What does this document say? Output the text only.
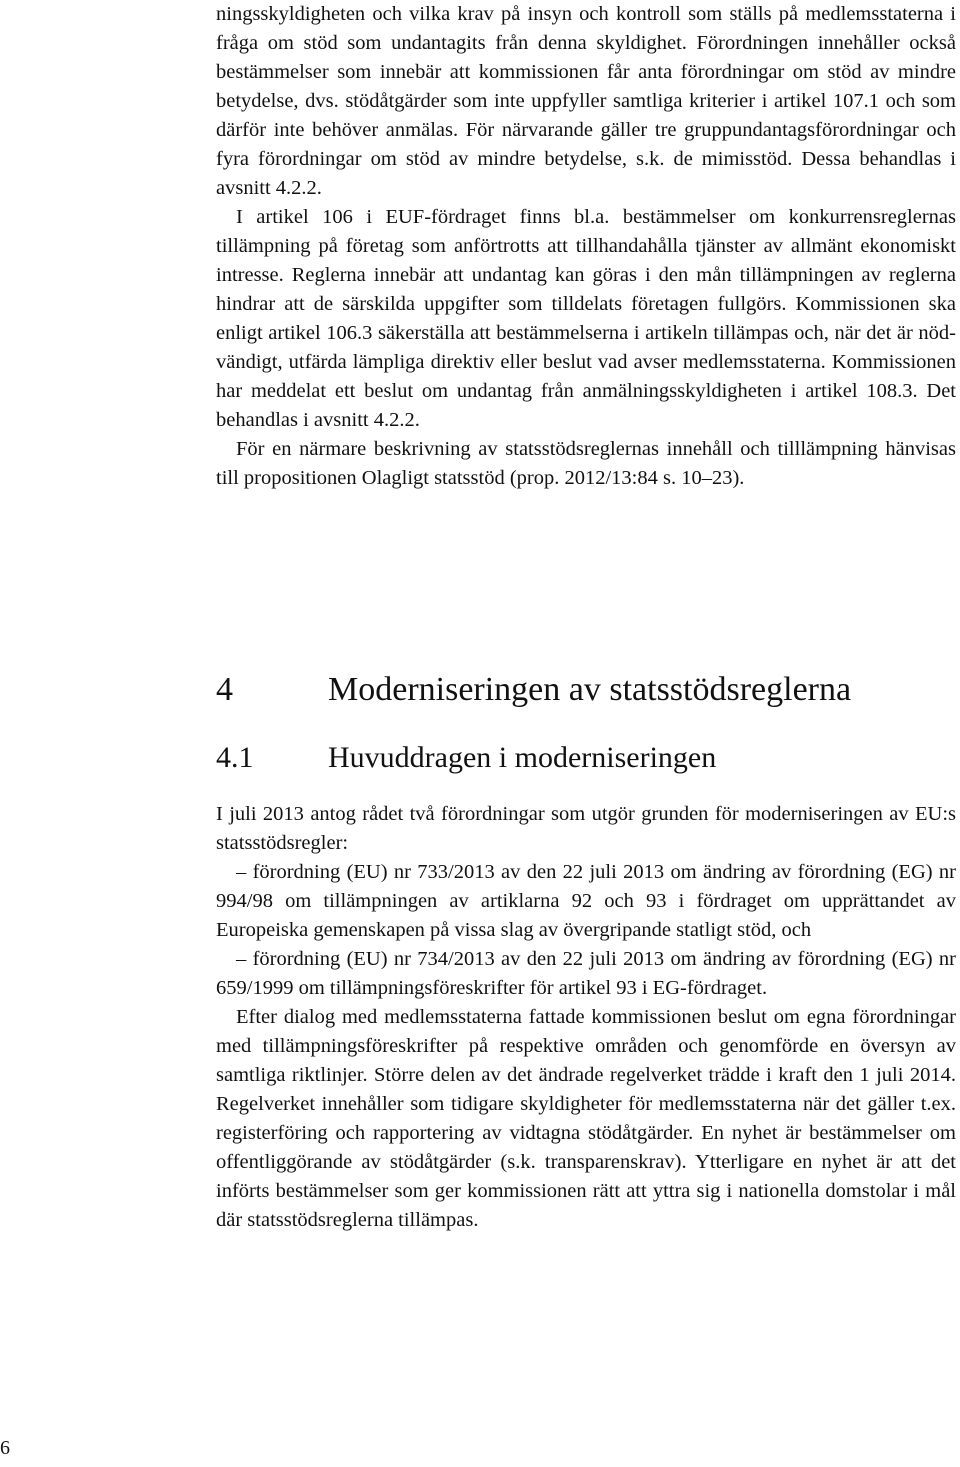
ningsskyldigheten och vilka krav på insyn och kontroll som ställs på medlemsstaterna i fråga om stöd som undantagits från denna skyldighet. Förordningen innehåller också bestämmelser som innebär att kommissionen får anta förordningar om stöd av mindre betydelse, dvs. stödåtgärder som inte uppfyller samtliga kriterier i artikel 107.1 och som därför inte behöver anmälas. För närvarande gäller tre gruppundantagsförordningar och fyra förordningar om stöd av mindre betydelse, s.k. de mimisstöd. Dessa behandlas i avsnitt 4.2.2.

I artikel 106 i EUF-fördraget finns bl.a. bestämmelser om konkurrensreglernas tillämpning på företag som anförtrotts att tillhandahålla tjänster av allmänt ekonomiskt intresse. Reglerna innebär att undantag kan göras i den mån tillämpningen av reglerna hindrar att de särskilda uppgifter som tilldelats företagen fullgörs. Kommissionen ska enligt artikel 106.3 säkerställa att bestämmelserna i artikeln tillämpas och, när det är nödvändigt, utfärda lämpliga direktiv eller beslut vad avser medlemsstaterna. Kommissionen har meddelat ett beslut om undantag från anmälningsskyldigheten i artikel 108.3. Det behandlas i avsnitt 4.2.2.

För en närmare beskrivning av statsstödsreglernas innehåll och tilllämpning hänvisas till propositionen Olagligt statsstöd (prop. 2012/13:84 s. 10–23).

4	Moderniseringen av statsstödsreglerna
4.1 Huvuddragen i moderniseringen

I juli 2013 antog rådet två förordningar som utgör grunden för moderniseringen av EU:s statsstödsregler:

– förordning (EU) nr 733/2013 av den 22 juli 2013 om ändring av förordning (EG) nr 994/98 om tillämpningen av artiklarna 92 och 93 i fördraget om upprättandet av Europeiska gemenskapen på vissa slag av övergripande statligt stöd, och

– förordning (EU) nr 734/2013 av den 22 juli 2013 om ändring av förordning (EG) nr 659/1999 om tillämpningsföreskrifter för artikel 93 i EG-fördraget.

Efter dialog med medlemsstaterna fattade kommissionen beslut om egna förordningar med tillämpningsföreskrifter på respektive områden och genomförde en översyn av samtliga riktlinjer. Större delen av det ändrade regelverket trädde i kraft den 1 juli 2014. Regelverket innehåller som tidigare skyldigheter för medlemsstaterna när det gäller t.ex. registerföring och rapportering av vidtagna stödåtgärder. En nyhet är bestämmelser om offentliggörande av stödåtgärder (s.k. transparenskrav). Ytterligare en nyhet är att det införts bestämmelser som ger kommissionen rätt att yttra sig i nationella domstolar i mål där statsstödsreglerna tillämpas.

6
